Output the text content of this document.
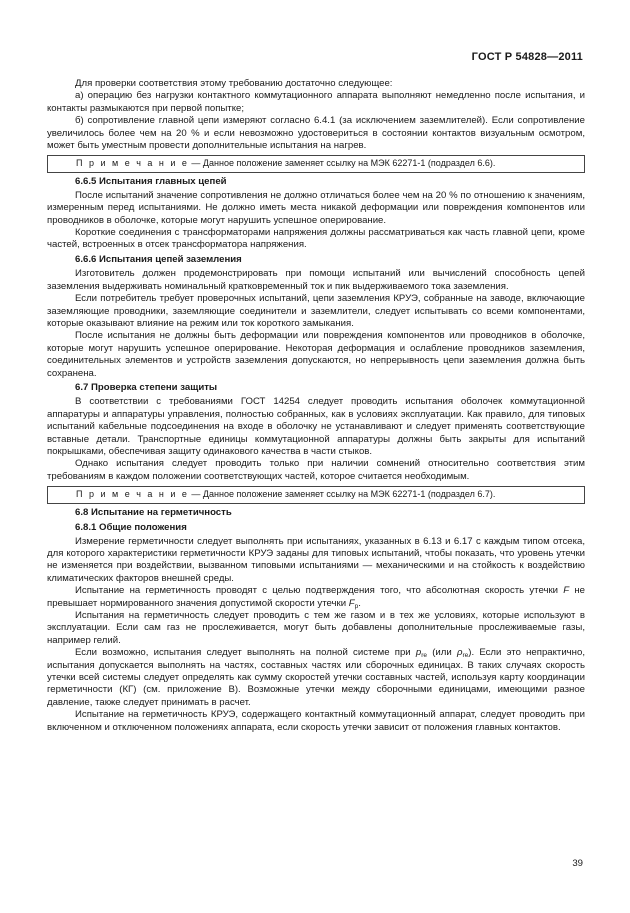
ГОСТ Р 54828—2011

Для проверки соответствия этому требованию достаточно следующее:

а) операцию без нагрузки контактного коммутационного аппарата выполняют немедленно после испытания, и контакты размыкаются при первой попытке;

б) сопротивление главной цепи измеряют согласно 6.4.1 (за исключением заземлителей). Если сопротивление увеличилось более чем на 20 % и если невозможно удостовериться в состоянии контактов визуальным осмотром, может быть уместным провести дополнительные испытания на нагрев.

П р и м е ч а н и е — Данное положение заменяет ссылку на МЭК 62271-1 (подраздел 6.6).

6.6.5 Испытания главных цепей

После испытаний значение сопротивления не должно отличаться более чем на 20 % по отношению к значениям, измеренным перед испытаниями. Не должно иметь места никакой деформации или повреждения компонентов или проводников в оболочке, которые могут нарушить успешное оперирование.

Короткие соединения с трансформаторами напряжения должны рассматриваться как часть главной цепи, кроме частей, встроенных в отсек трансформатора напряжения.

6.6.6 Испытания цепей заземления

Изготовитель должен продемонстрировать при помощи испытаний или вычислений способность цепей заземления выдерживать номинальный кратковременный ток и пик выдерживаемого тока заземления.

Если потребитель требует проверочных испытаний, цепи заземления КРУЭ, собранные на заводе, включающие заземляющие проводники, заземляющие соединители и заземлители, следует испытывать со всеми компонентами, которые оказывают влияние на режим или ток короткого замыкания.

После испытания не должны быть деформации или повреждения компонентов или проводников в оболочке, которые могут нарушить успешное оперирование. Некоторая деформация и ослабление проводников заземления, соединительных элементов и устройств заземления допускаются, но непрерывность цепи заземления должна быть сохранена.

6.7 Проверка степени защиты

В соответствии с требованиями ГОСТ 14254 следует проводить испытания оболочек коммутационной аппаратуры и аппаратуры управления, полностью собранных, как в условиях эксплуатации. Как правило, для типовых испытаний кабельные подсоединения на входе в оболочку не устанавливают и следует применять соответствующие вставные детали. Транспортные единицы коммутационной аппаратуры должны быть закрыты для испытаний покрышками, обеспечивая защиту одинакового качества в части стыков.

Однако испытания следует проводить только при наличии сомнений относительно соответствия этим требованиям в каждом положении соответствующих частей, которое считается необходимым.

П р и м е ч а н и е — Данное положение заменяет ссылку на МЭК 62271-1 (подраздел 6.7).

6.8 Испытание на герметичность

6.8.1 Общие положения

Измерение герметичности следует выполнять при испытаниях, указанных в 6.13 и 6.17 с каждым типом отсека, для которого характеристики герметичности КРУЭ заданы для типовых испытаний, чтобы показать, что уровень утечки не изменяется при воздействии, вызванном типовыми испытаниями — механическими и на стойкость к воздействию климатических факторов внешней среды.

Испытание на герметичность проводят с целью подтверждения того, что абсолютная скорость утечки F не превышает нормированного значения допустимой скорости утечки $F_p$.

Испытания на герметичность следует проводить с тем же газом и в тех же условиях, которые используют в эксплуатации. Если сам газ не прослеживается, могут быть добавлены дополнительные прослеживаемые газы, например гелий.

Если возможно, испытания следует выполнять на полной системе при $p_{re}$ (или $\rho_{re}$). Если это непрактично, испытания допускается выполнять на частях, составных частях или сборочных единицах. В таких случаях скорость утечки всей системы следует определять как сумму скоростей утечки составных частей, используя карту координации герметичности (КГ) (см. приложение В). Возможные утечки между сборочными единицами, имеющими разное давление, также следует принимать в расчет.

Испытание на герметичность КРУЭ, содержащего контактный коммутационный аппарат, следует проводить при включенном и отключенном положениях аппарата, если скорость утечки зависит от положения главных контактов.

39
